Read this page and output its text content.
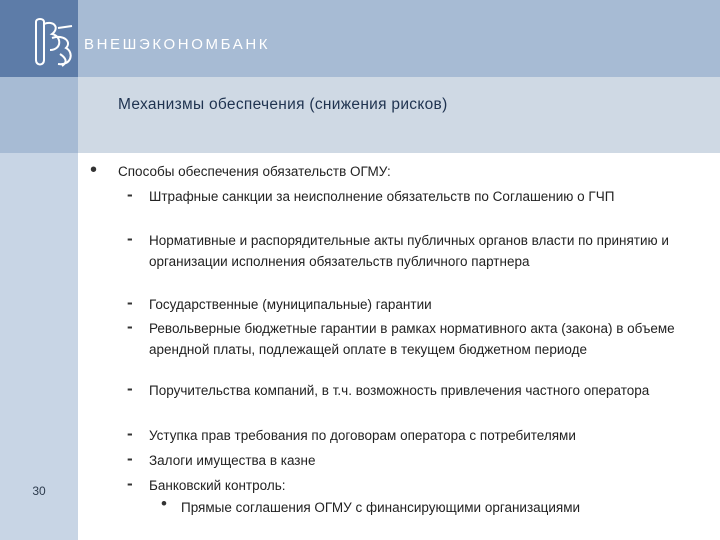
ВНЕШЭКОНОМБАНК
30
Механизмы обеспечения (снижения рисков)
• Способы обеспечения обязательств ОГМУ:
- Штрафные санкции за неисполнение обязательств по Соглашению о ГЧП
- Нормативные и распорядительные акты публичных органов власти по принятию и организации исполнения обязательств публичного партнера
- Государственные (муниципальные) гарантии
- Револьверные бюджетные гарантии в рамках нормативного акта (закона) в объеме арендной платы, подлежащей оплате в текущем бюджетном периоде
- Поручительства компаний, в т.ч. возможность привлечения частного оператора
- Уступка прав требования по договорам оператора с потребителями
- Залоги имущества в казне
- Банковский контроль:
• Прямые соглашения ОГМУ с финансирующими организациями
